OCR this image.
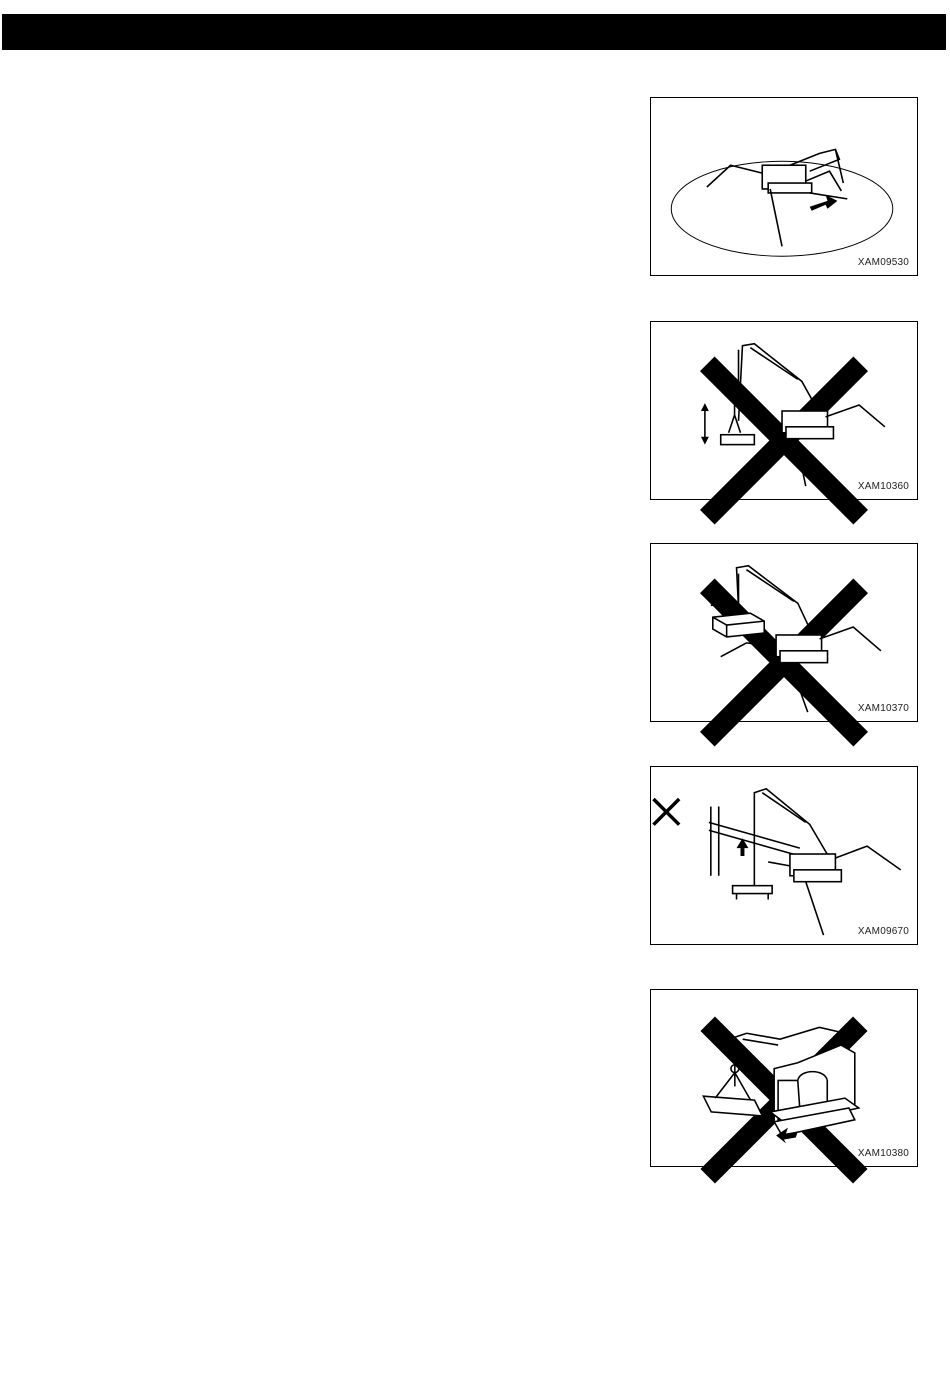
XAM09530
XAM10360
XAM10370
XAM09670
XAM10380
